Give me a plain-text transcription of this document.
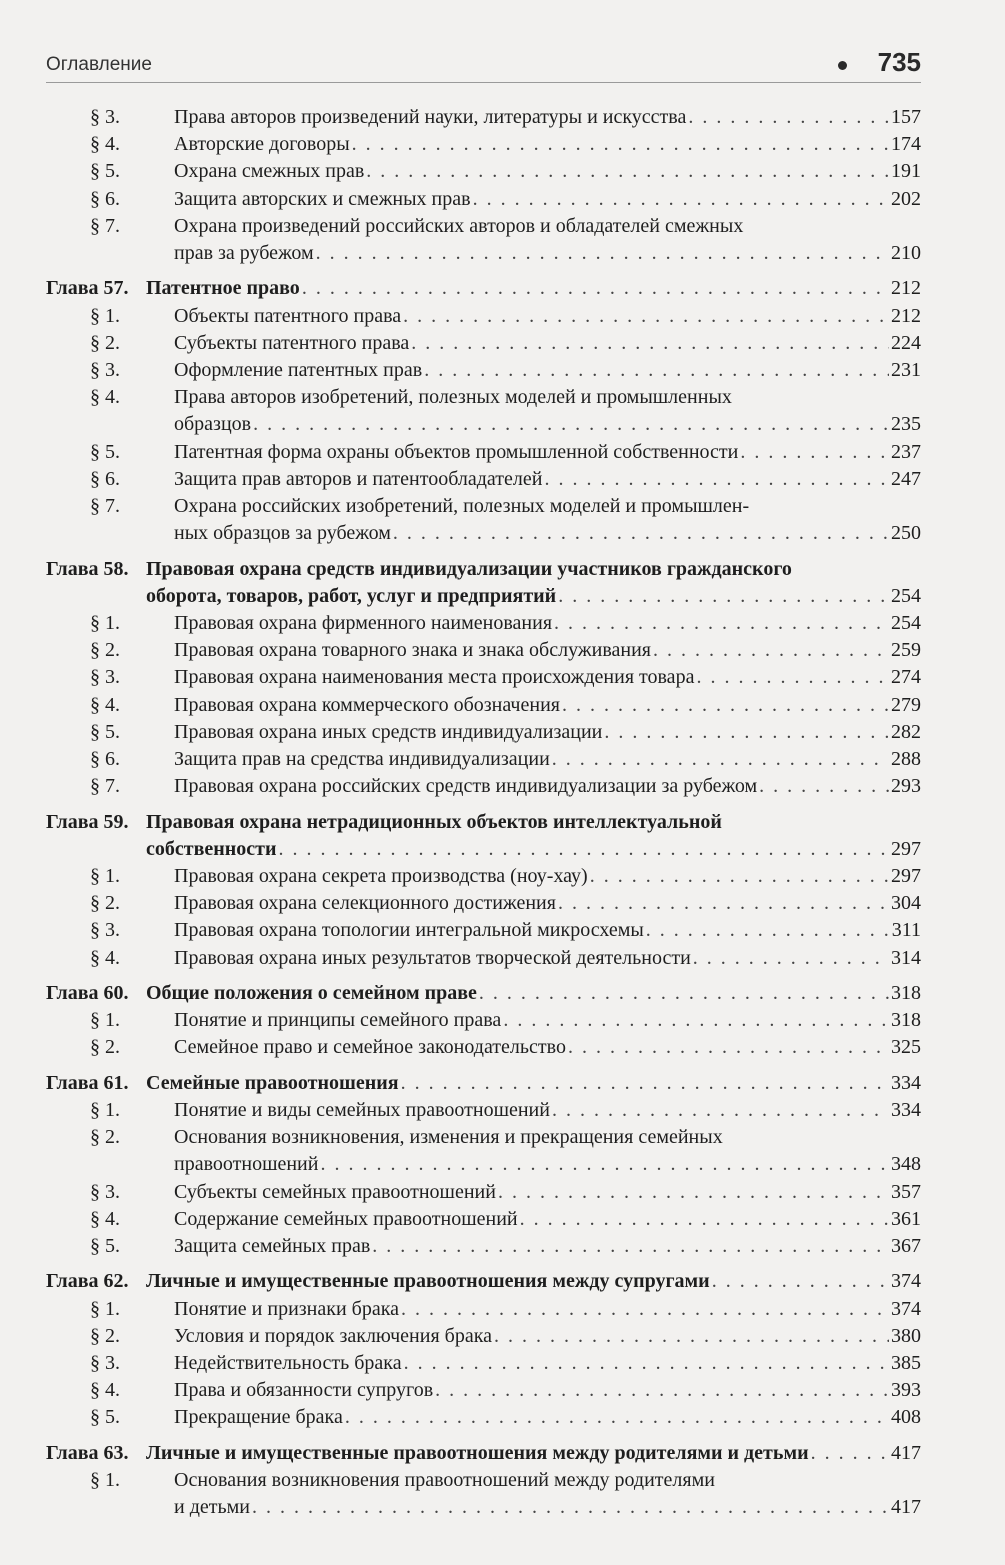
Оглавление	735
§ 3.	Права авторов произведений науки, литературы и искусства . . .	157
§ 4.	Авторские договоры . . .	174
§ 5.	Охрана смежных прав . . .	191
§ 6.	Защита авторских и смежных прав . . .	202
§ 7.	Охрана произведений российских авторов и обладателей смежных
прав за рубежом . . .	210
Глава 57. Патентное право . . .	212
§ 1.	Объекты патентного права . . .	212
§ 2.	Субъекты патентного права . . .	224
§ 3.	Оформление патентных прав . . .	231
§ 4.	Права авторов изобретений, полезных моделей и промышленных
образцов . . .	235
§ 5.	Патентная форма охраны объектов промышленной собственности . . .	237
§ 6.	Защита прав авторов и патентообладателей . . .	247
§ 7.	Охрана российских изобретений, полезных моделей и промышлен-
ных образцов за рубежом . . .	250
Глава 58. Правовая охрана средств индивидуализации участников гражданского
оборота, товаров, работ, услуг и предприятий . . .	254
§ 1.	Правовая охрана фирменного наименования . . .	254
§ 2.	Правовая охрана товарного знака и знака обслуживания . . .	259
§ 3.	Правовая охрана наименования места происхождения товара . . .	274
§ 4.	Правовая охрана коммерческого обозначения . . .	279
§ 5.	Правовая охрана иных средств индивидуализации . . .	282
§ 6.	Защита прав на средства индивидуализации . . .	288
§ 7.	Правовая охрана российских средств индивидуализации за рубежом . . .	293
Глава 59. Правовая охрана нетрадиционных объектов интеллектуальной
собственности . . .	297
§ 1.	Правовая охрана секрета производства (ноу-хау) . . .	297
§ 2.	Правовая охрана селекционного достижения . . .	304
§ 3.	Правовая охрана топологии интегральной микросхемы . . .	311
§ 4.	Правовая охрана иных результатов творческой деятельности . . .	314
Глава 60. Общие положения о семейном праве . . .	318
§ 1.	Понятие и принципы семейного права . . .	318
§ 2.	Семейное право и семейное законодательство . . .	325
Глава 61. Семейные правоотношения . . .	334
§ 1.	Понятие и виды семейных правоотношений . . .	334
§ 2.	Основания возникновения, изменения и прекращения семейных
правоотношений . . .	348
§ 3.	Субъекты семейных правоотношений . . .	357
§ 4.	Содержание семейных правоотношений . . .	361
§ 5.	Защита семейных прав . . .	367
Глава 62. Личные и имущественные правоотношения между супругами . . .	374
§ 1.	Понятие и признаки брака . . .	374
§ 2.	Условия и порядок заключения брака . . .	380
§ 3.	Недействительность брака . . .	385
§ 4.	Права и обязанности супругов . . .	393
§ 5.	Прекращение брака . . .	408
Глава 63. Личные и имущественные правоотношения между родителями и детьми . . .	417
§ 1.	Основания возникновения правоотношений между родителями
и детьми . . .	417
